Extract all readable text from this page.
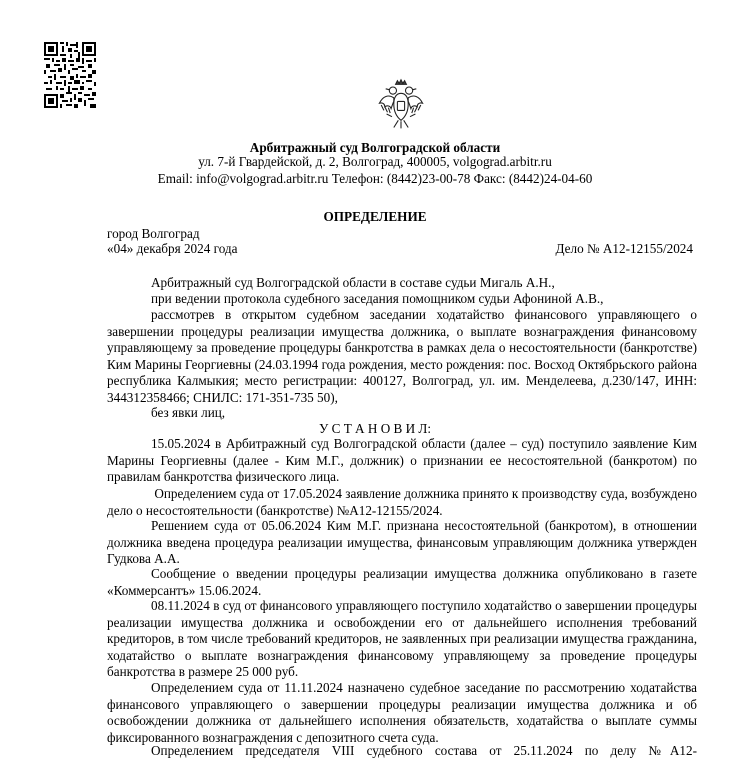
Арбитражный суд Волгоградской области
ул. 7-й Гвардейской, д. 2, Волгоград, 400005, volgograd.arbitr.ru
Email: info@volgograd.arbitr.ru Телефон: (8442)23-00-78 Факс: (8442)24-04-60
ОПРЕДЕЛЕНИЕ
город Волгоград
«04» декабря 2024 года	Дело № А12-12155/2024

Арбитражный суд Волгоградской области в составе судьи Мигаль А.Н.,

при ведении протокола судебного заседания помощником судьи Афониной А.В.,

рассмотрев в открытом судебном заседании ходатайство финансового управляющего о завершении процедуры реализации имущества должника, о выплате вознаграждения финансовому управляющему за проведение процедуры банкротства в рамках дела о несостоятельности (банкротстве) Ким Марины Георгиевны (24.03.1994 года рождения, место рождения: пос. Восход Октябрьского района республика Калмыкия; место регистрации: 400127, Волгоград, ул. им. Менделеева, д.230/147, ИНН: 344312358466; СНИЛС: 171-351-735 50),

без явки лиц,

У С Т А Н О В И Л:

15.05.2024 в Арбитражный суд Волгоградской области (далее – суд) поступило заявление Ким Марины Георгиевны (далее - Ким М.Г., должник) о признании ее несостоятельной (банкротом) по правилам банкротства физического лица.

Определением суда от 17.05.2024 заявление должника принято к производству суда, возбуждено дело о несостоятельности (банкротстве) №А12-12155/2024.

Решением суда от 05.06.2024 Ким М.Г. признана несостоятельной (банкротом), в отношении должника введена процедура реализации имущества, финансовым управляющим должника утвержден Гудкова А.А.

Сообщение о введении процедуры реализации имущества должника опубликовано в газете «Коммерсантъ» 15.06.2024.

08.11.2024 в суд от финансового управляющего поступило ходатайство о завершении процедуры реализации имущества должника и освобождении его от дальнейшего исполнения требований кредиторов, в том числе требований кредиторов, не заявленных при реализации имущества гражданина, ходатайство о выплате вознаграждения финансовому управляющему за проведение процедуры банкротства в размере 25 000 руб.

Определением суда от 11.11.2024 назначено судебное заседание по рассмотрению ходатайства финансового управляющего о завершении процедуры реализации имущества должника и об освобождении должника от дальнейшего исполнения обязательств, ходатайства о выплате суммы фиксированного вознаграждения с депозитного счета суда.

Определением председателя VIII судебного состава от 25.11.2024 по делу №А12-
